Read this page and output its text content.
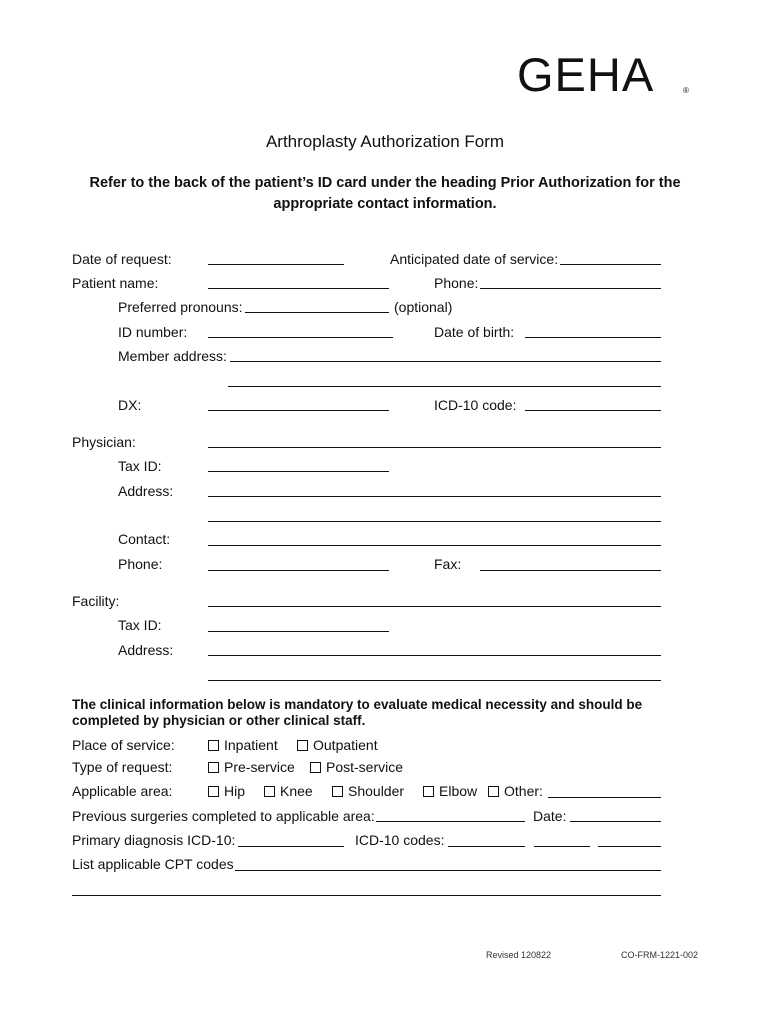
GEHA	®
Arthroplasty Authorization Form
Refer to the back of the patient’s ID card under the heading Prior Authorization for the appropriate contact information.
Date of request:	Anticipated date of service:
Patient name:	Phone:
Preferred pronouns:	(optional)
ID number:	Date of birth:
Member address:
DX:	ICD-10 code:
Physician:
Tax ID:
Address:
Contact:
Phone:	Fax:
Facility:
Tax ID:
Address:
The clinical information below is mandatory to evaluate medical necessity and should be completed by physician or other clinical staff.
Place of service:	Inpatient	Outpatient
Type of request:	Pre-service Post-service
Applicable area:	Hip Knee	Shoulder Elbow Other:
Previous surgeries completed to applicable area:	Date:
Primary diagnosis ICD-10:	ICD-10 codes:
List applicable CPT codes
Revised 120822	CO-FRM-1221-002
